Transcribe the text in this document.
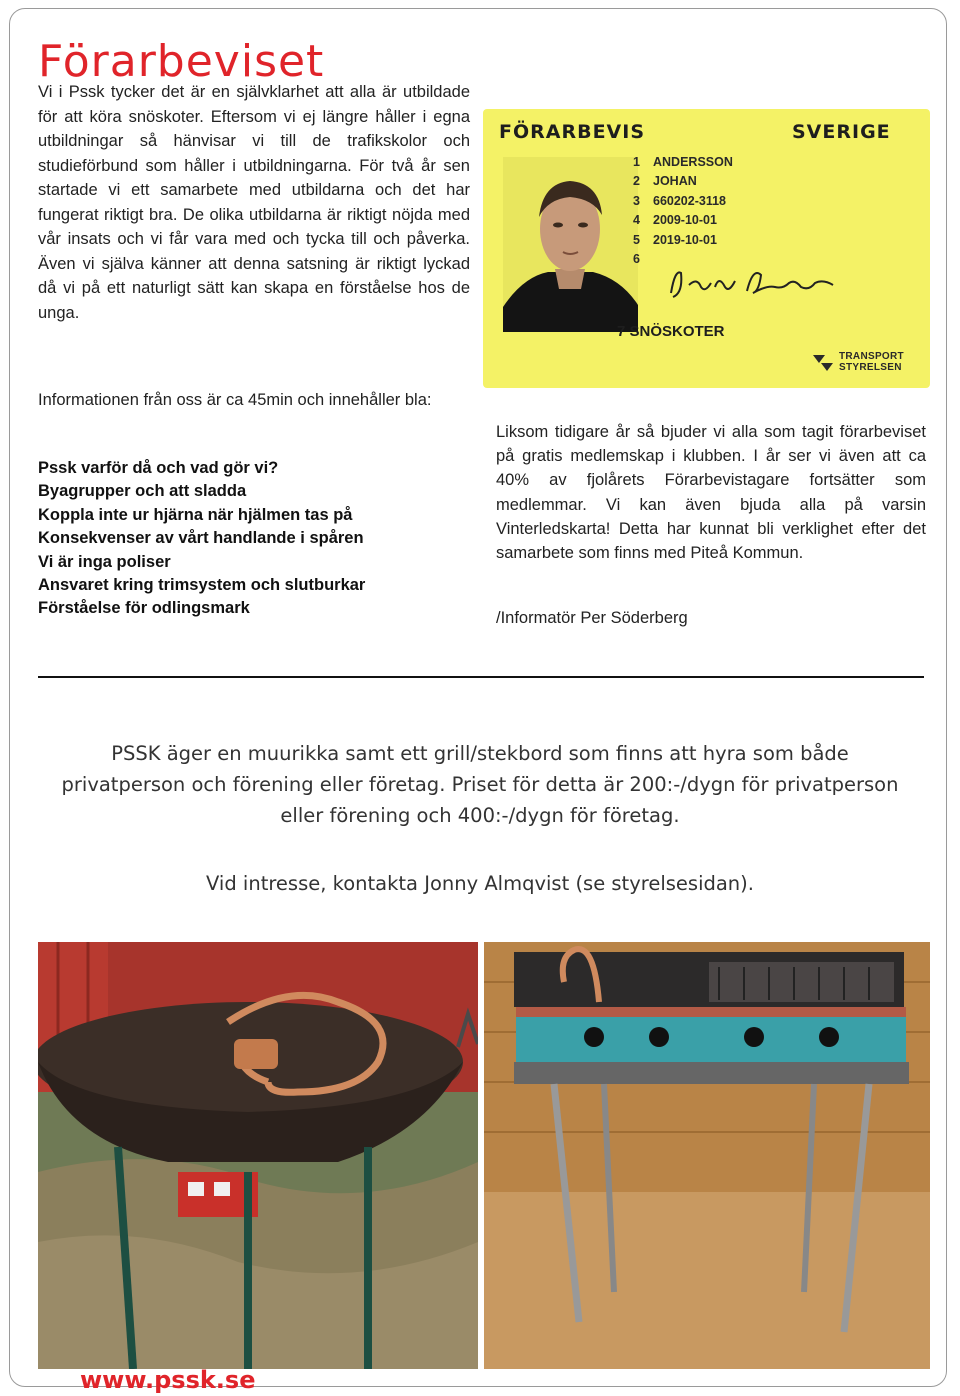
Förarbeviset
Vi i Pssk tycker det är en självklarhet att alla är utbildade för att köra snöskoter. Eftersom vi ej längre håller i egna utbildningar så hänvisar vi till de trafikskolor och studieförbund som håller i utbildningarna. För två år sen startade vi ett samarbete med utbildarna och det har fungerat riktigt bra. De olika utbildarna är riktigt nöjda med vår insats och vi får vara med och tycka till och påverka. Även vi själva känner att denna satsning är riktigt lyckad då vi på ett naturligt sätt kan skapa en förståelse hos de unga.
FÖRARBEVIS	SVERIGE
1 ANDERSSON
2 JOHAN
3 660202-3118
4 2009-10-01
5 2019-10-01
6
7 SNÖSKOTER
TRANSPORT
STYRELSEN
Informationen från oss är ca 45min och innehåller bla:
Pssk varför då och vad gör vi?
Byagrupper och att sladda
Koppla inte ur hjärna när hjälmen tas på
Konsekvenser av vårt handlande i spåren
Vi är inga poliser
Ansvaret kring trimsystem och slutburkar
Förståelse för odlingsmark
Liksom tidigare år så bjuder vi alla som tagit förarbeviset på gratis medlemskap i klubben. I år ser vi även att ca 40% av fjolårets Förarbevistagare fortsätter som medlemmar. Vi kan även bjuda alla på varsin Vinterledskarta! Detta har kunnat bli verklighet efter det samarbete som finns med Piteå Kommun.
/Informatör Per Söderberg

PSSK äger en muurikka samt ett grill/stekbord som finns att hyra som både privatperson och förening eller företag. Priset för detta är 200:-/dygn för privatperson eller förening och 400:-/dygn för företag.

Vid intresse, kontakta Jonny Almqvist (se styrelsesidan).
www.pssk.se
